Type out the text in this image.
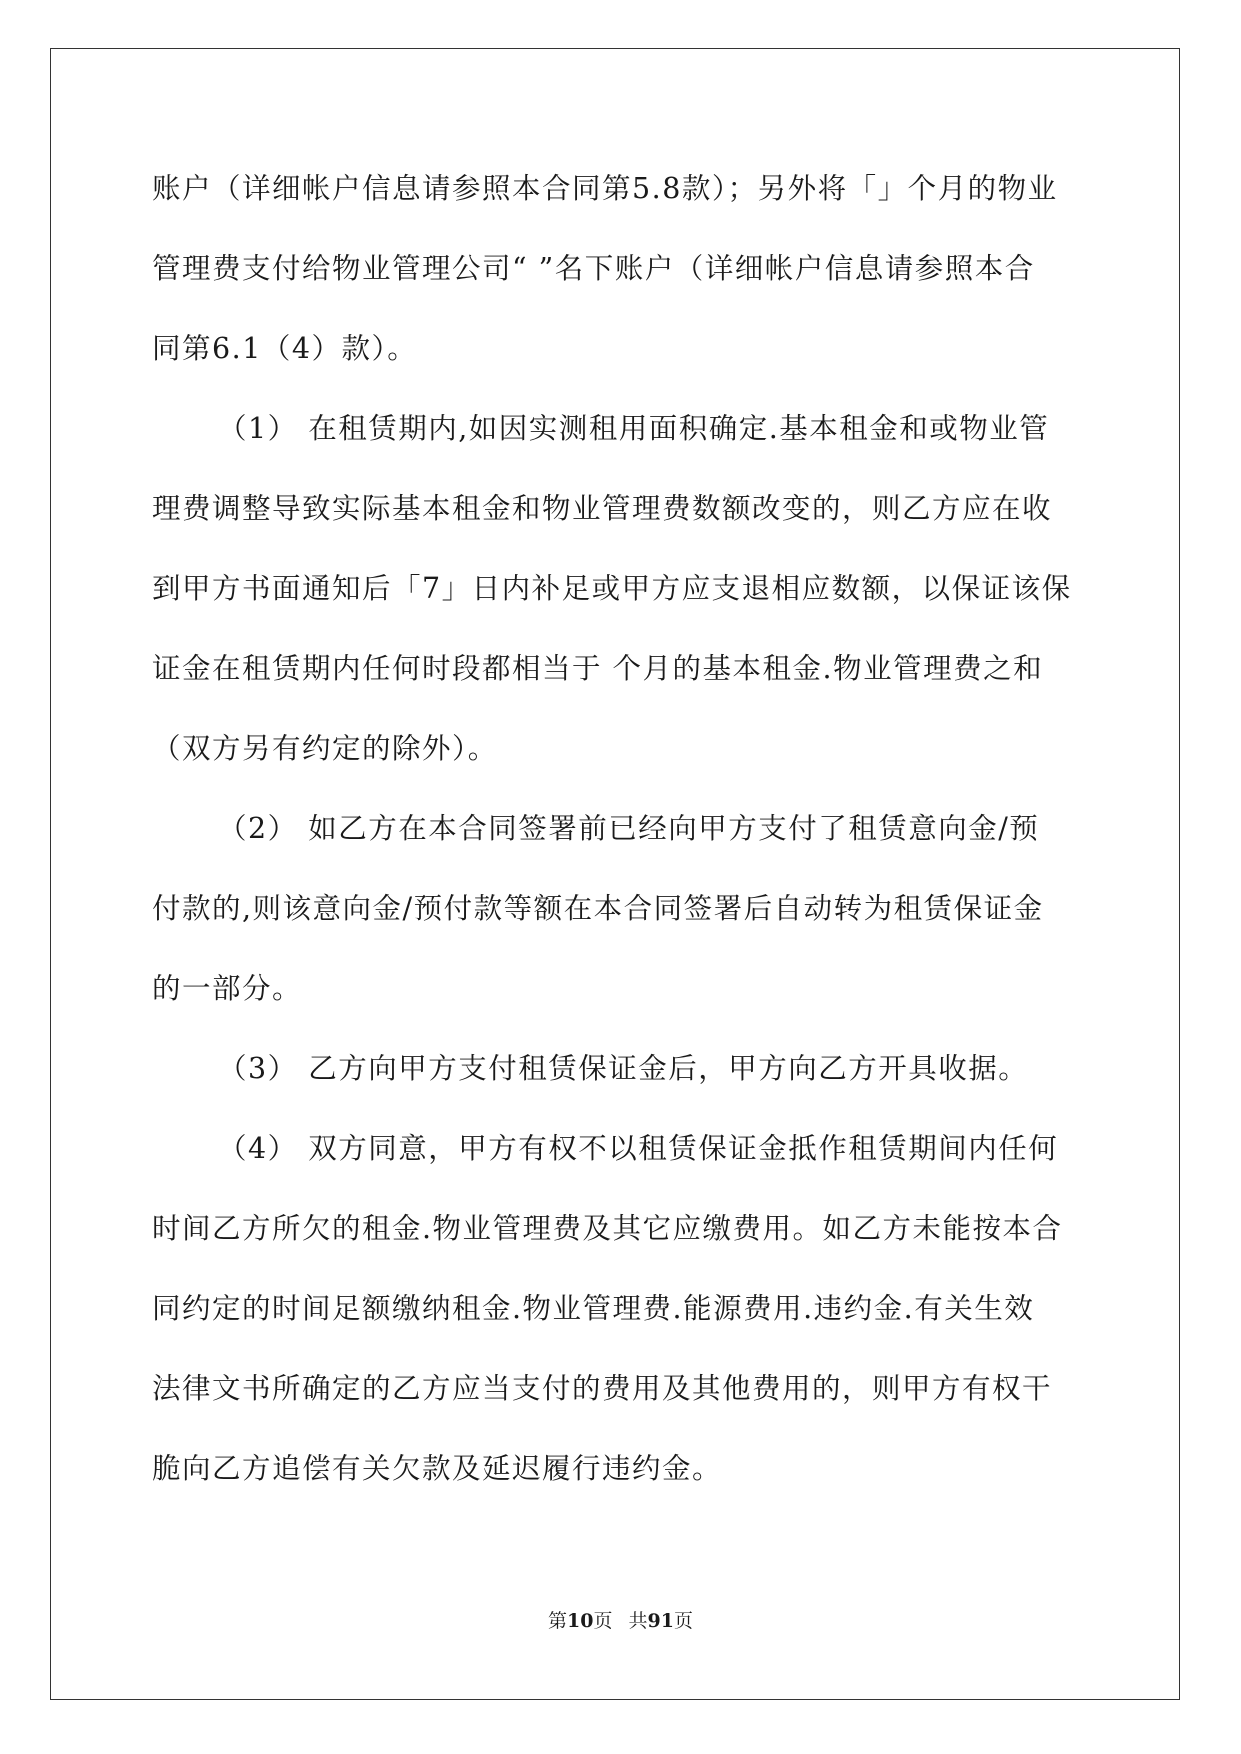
账户（详细帐户信息请参照本合同第5.8款）；另外将「」个月的物业
管理费支付给物业管理公司“ ”名下账户（详细帐户信息请参照本合
同第6.1（4）款）。
（1） 在租赁期内,如因实测租用面积确定.基本租金和或物业管
理费调整导致实际基本租金和物业管理费数额改变的，则乙方应在收
到甲方书面通知后「7」日内补足或甲方应支退相应数额，以保证该保
证金在租赁期内任何时段都相当于 个月的基本租金.物业管理费之和
（双方另有约定的除外）。
（2） 如乙方在本合同签署前已经向甲方支付了租赁意向金/预
付款的,则该意向金/预付款等额在本合同签署后自动转为租赁保证金
的一部分。
（3） 乙方向甲方支付租赁保证金后，甲方向乙方开具收据。
（4） 双方同意，甲方有权不以租赁保证金抵作租赁期间内任何
时间乙方所欠的租金.物业管理费及其它应缴费用。如乙方未能按本合
同约定的时间足额缴纳租金.物业管理费.能源费用.违约金.有关生效
法律文书所确定的乙方应当支付的费用及其他费用的，则甲方有权干
脆向乙方追偿有关欠款及延迟履行违约金。
第10页 共91页
